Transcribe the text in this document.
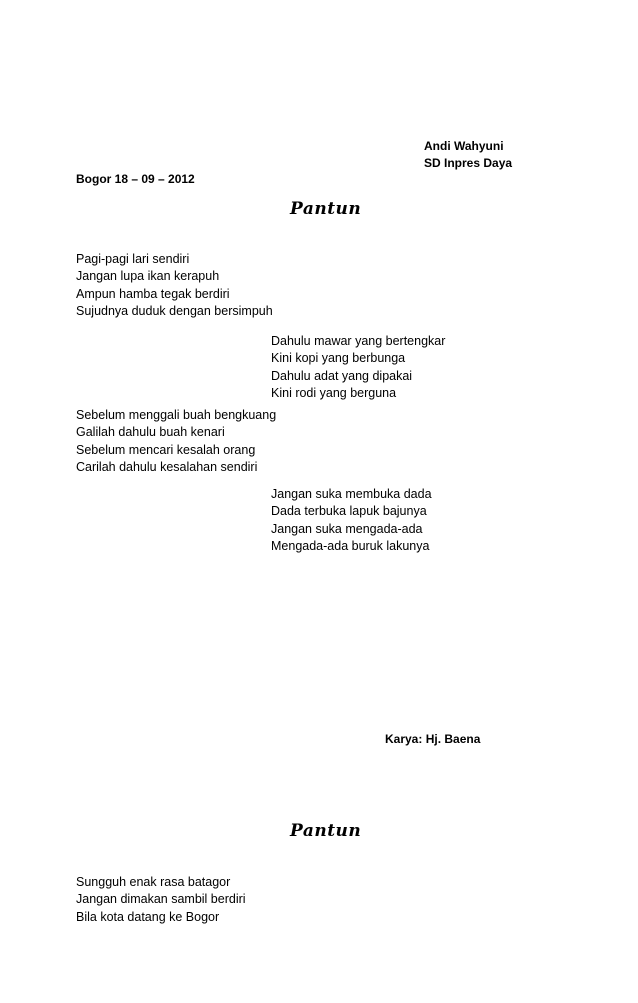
Andi Wahyuni
SD Inpres Daya
Bogor 18 – 09 – 2012
Pantun
Pagi-pagi lari sendiri
Jangan lupa ikan kerapuh
Ampun hamba tegak berdiri
Sujudnya duduk dengan bersimpuh
Dahulu mawar yang bertengkar
Kini kopi yang berbunga
Dahulu adat yang dipakai
Kini rodi yang berguna
Sebelum menggali buah bengkuang
Galilah dahulu buah kenari
Sebelum mencari kesalah orang
Carilah dahulu kesalahan sendiri
Jangan suka membuka dada
Dada terbuka lapuk bajunya
Jangan suka mengada-ada
Mengada-ada buruk lakunya
Karya: Hj. Baena
Pantun
Sungguh enak rasa batagor
Jangan dimakan sambil berdiri
Bila kota datang ke Bogor
